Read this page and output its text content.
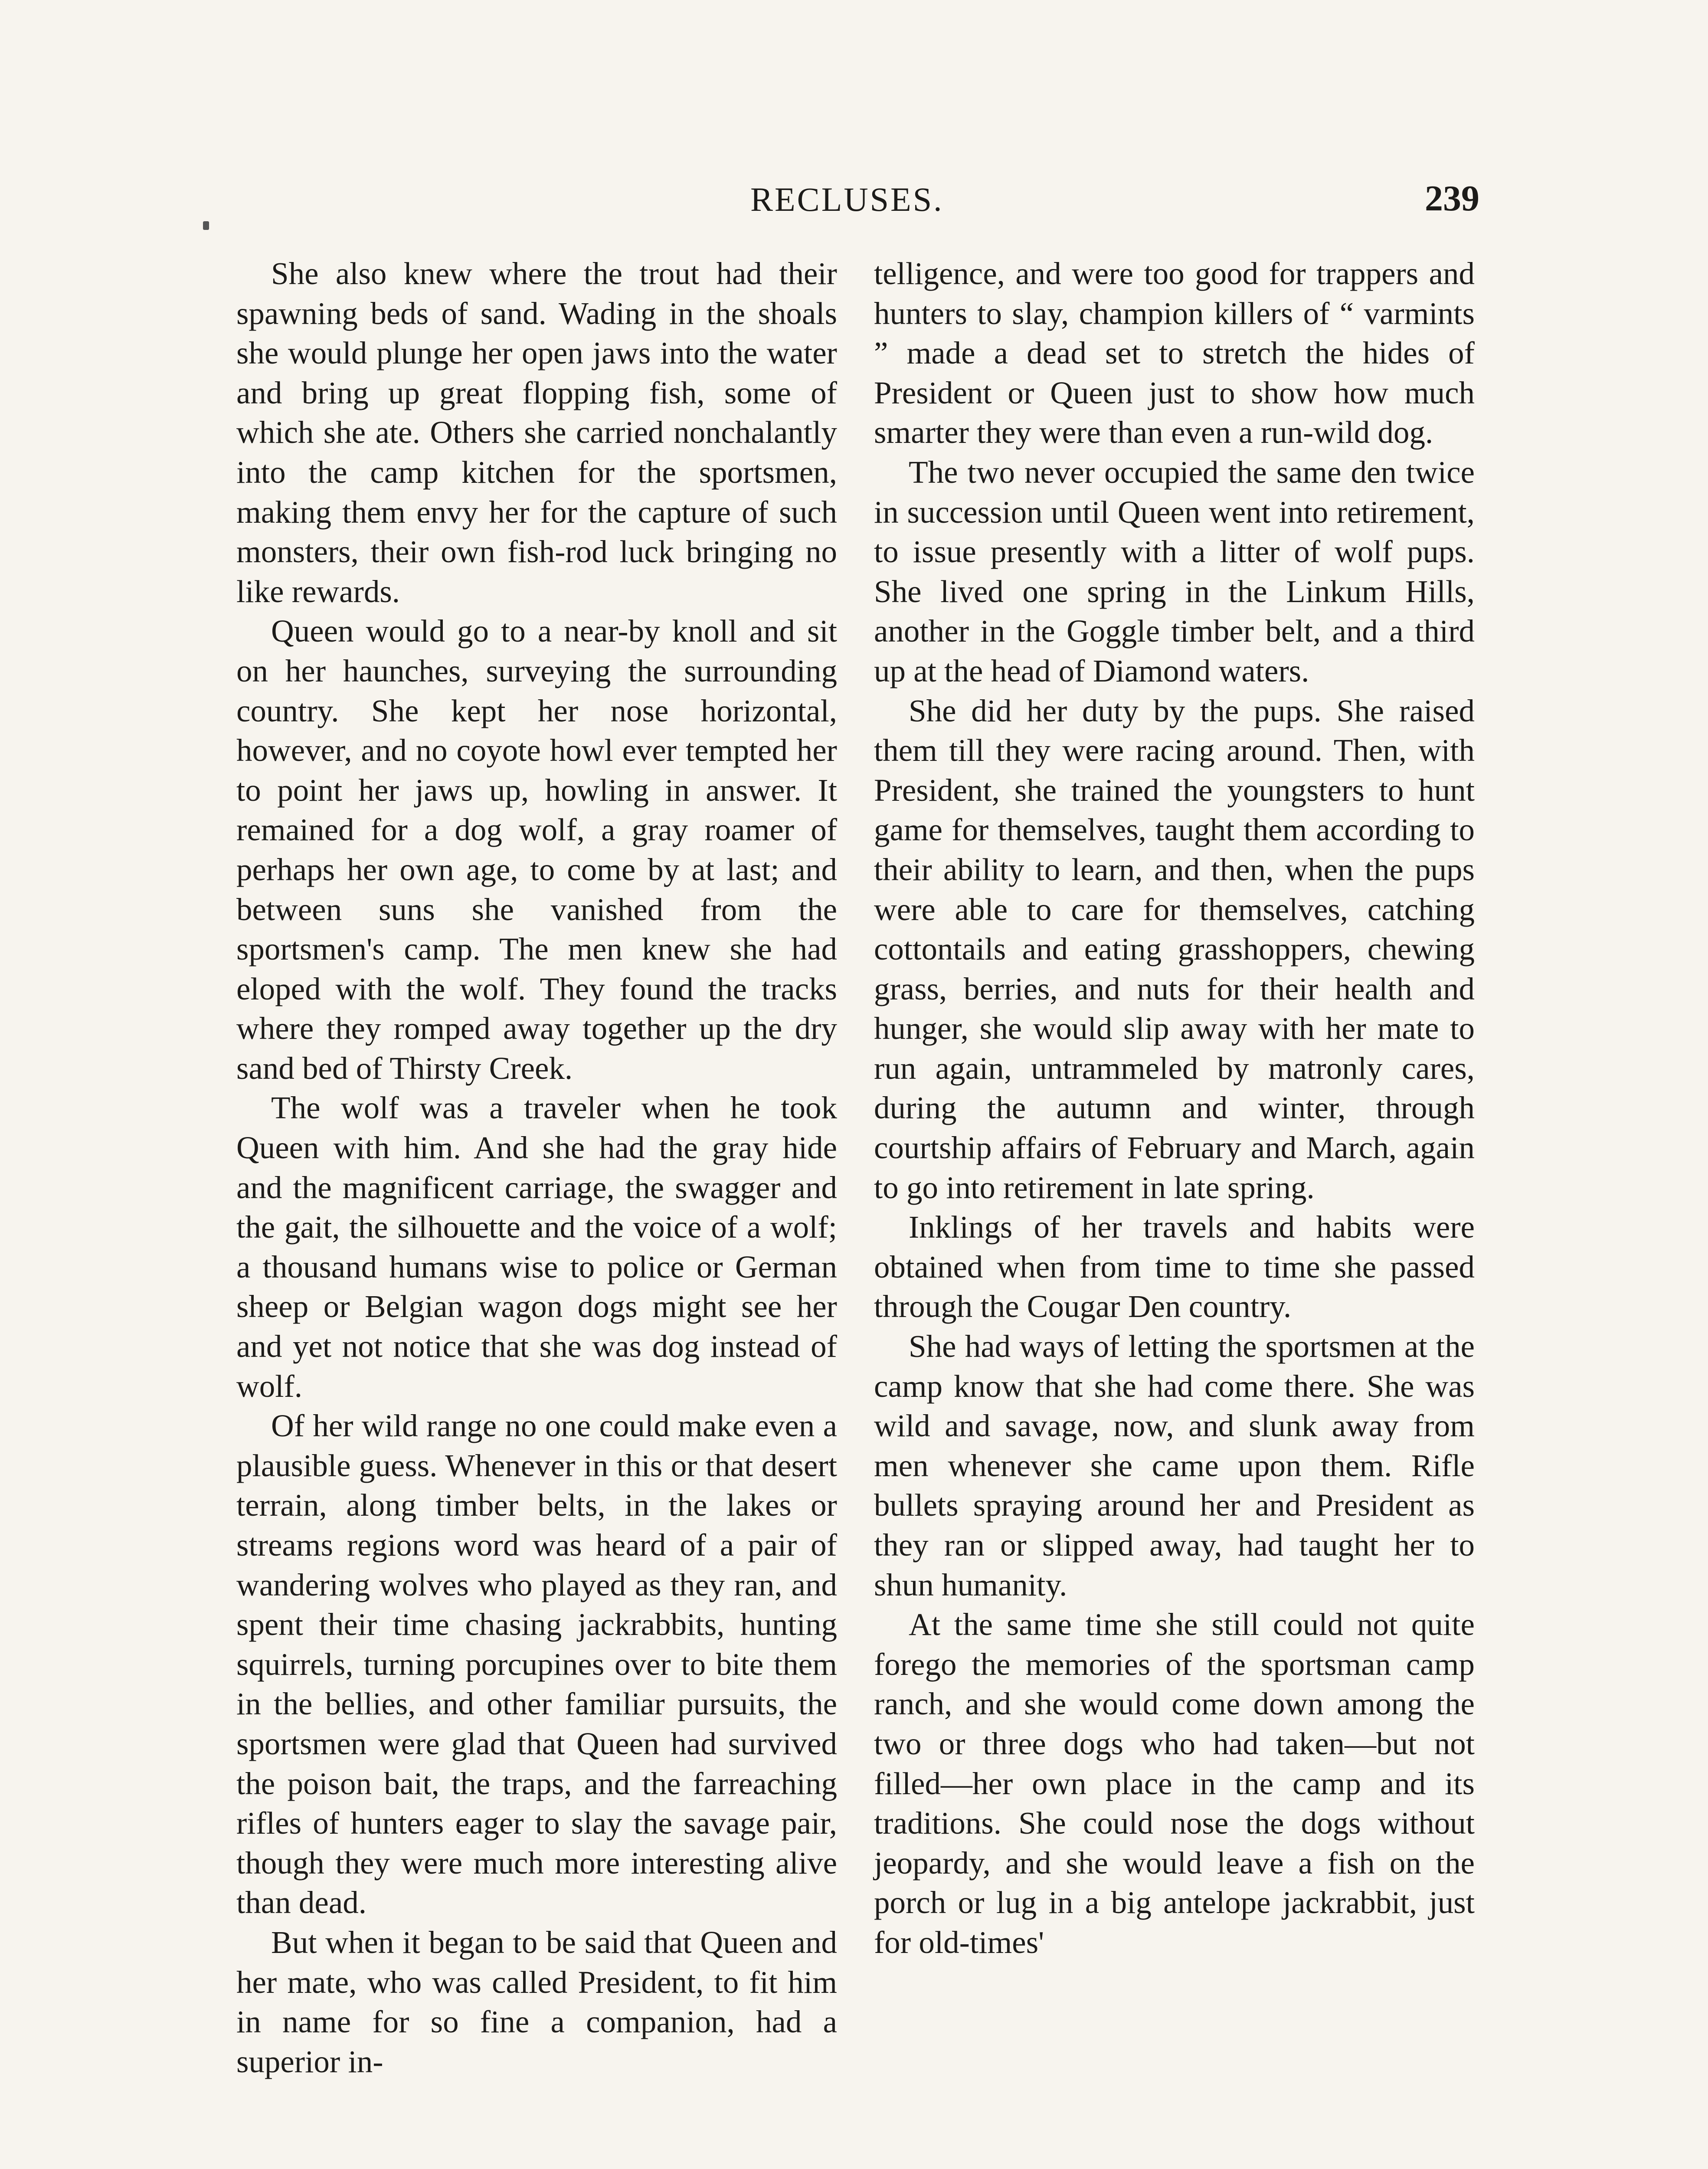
RECLUSES.	239

She also knew where the trout had their spawning beds of sand. Wading in the shoals she would plunge her open jaws into the water and bring up great flopping fish, some of which she ate. Others she carried nonchalantly into the camp kitchen for the sportsmen, making them envy her for the capture of such monsters, their own fish-rod luck bringing no like rewards.

Queen would go to a near-by knoll and sit on her haunches, surveying the surrounding country. She kept her nose horizontal, however, and no coyote howl ever tempted her to point her jaws up, howling in answer. It remained for a dog wolf, a gray roamer of perhaps her own age, to come by at last; and between suns she vanished from the sportsmen's camp. The men knew she had eloped with the wolf. They found the tracks where they romped away together up the dry sand bed of Thirsty Creek.

The wolf was a traveler when he took Queen with him. And she had the gray hide and the magnificent carriage, the swagger and the gait, the silhouette and the voice of a wolf; a thousand humans wise to police or German sheep or Belgian wagon dogs might see her and yet not notice that she was dog instead of wolf.

Of her wild range no one could make even a plausible guess. Whenever in this or that desert terrain, along timber belts, in the lakes or streams regions word was heard of a pair of wandering wolves who played as they ran, and spent their time chasing jackrabbits, hunting squirrels, turning porcupines over to bite them in the bellies, and other familiar pursuits, the sportsmen were glad that Queen had survived the poison bait, the traps, and the farreaching rifles of hunters eager to slay the savage pair, though they were much more interesting alive than dead.

But when it began to be said that Queen and her mate, who was called President, to fit him in name for so fine a companion, had a superior in-

telligence, and were too good for trappers and hunters to slay, champion killers of “ varmints ” made a dead set to stretch the hides of President or Queen just to show how much smarter they were than even a run-wild dog.

The two never occupied the same den twice in succession until Queen went into retirement, to issue presently with a litter of wolf pups. She lived one spring in the Linkum Hills, another in the Goggle timber belt, and a third up at the head of Diamond waters.

She did her duty by the pups. She raised them till they were racing around. Then, with President, she trained the youngsters to hunt game for themselves, taught them according to their ability to learn, and then, when the pups were able to care for themselves, catching cottontails and eating grasshoppers, chewing grass, berries, and nuts for their health and hunger, she would slip away with her mate to run again, untrammeled by matronly cares, during the autumn and winter, through courtship affairs of February and March, again to go into retirement in late spring.

Inklings of her travels and habits were obtained when from time to time she passed through the Cougar Den country.

She had ways of letting the sportsmen at the camp know that she had come there. She was wild and savage, now, and slunk away from men whenever she came upon them. Rifle bullets spraying around her and President as they ran or slipped away, had taught her to shun humanity.

At the same time she still could not quite forego the memories of the sportsman camp ranch, and she would come down among the two or three dogs who had taken—but not filled—her own place in the camp and its traditions. She could nose the dogs without jeopardy, and she would leave a fish on the porch or lug in a big antelope jackrabbit, just for old-times'
